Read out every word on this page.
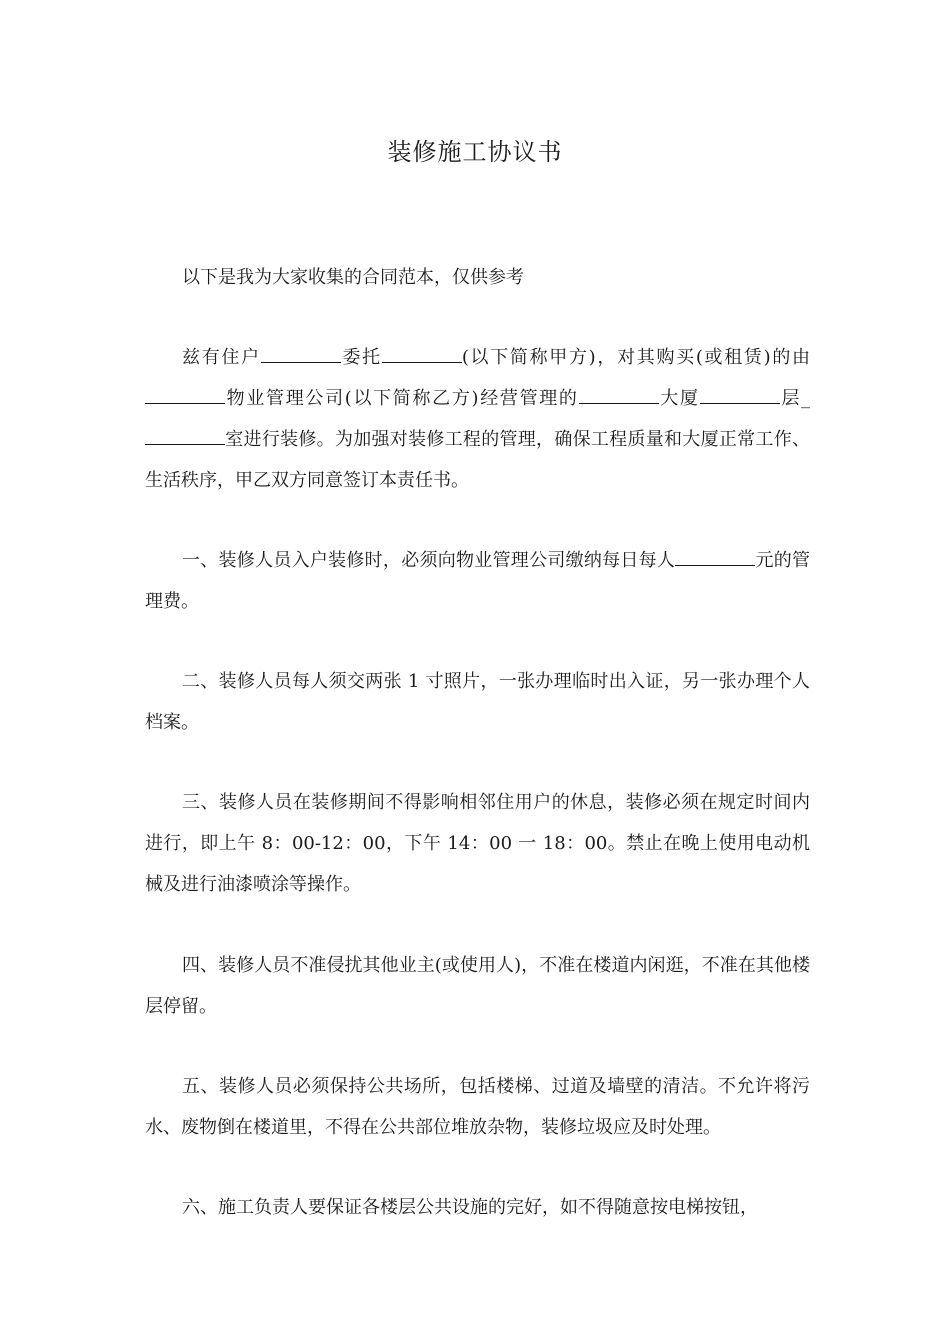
装修施工协议书

以下是我为大家收集的合同范本，仅供参考

兹有住户	委托	(以下简称甲方)，对其购买(或租赁)的由物业管理公司(以下简称乙方)经营管理的	大厦	层_室进行装修。为加强对装修工程的管理，确保工程质量和大厦正常工作、生活秩序，甲乙双方同意签订本责任书。

一、装修人员入户装修时，必须向物业管理公司缴纳每日每人	元的管理费。

二、装修人员每人须交两张 1 寸照片，一张办理临时出入证，另一张办理个人档案。

三、装修人员在装修期间不得影响相邻住用户的休息，装修必须在规定时间内进行，即上午 8：00-12：00，下午 14：00 一 18：00。禁止在晚上使用电动机械及进行油漆喷涂等操作。

四、装修人员不准侵扰其他业主(或使用人)，不准在楼道内闲逛，不准在其他楼层停留。

五、装修人员必须保持公共场所，包括楼梯、过道及墙壁的清洁。不允许将污水、废物倒在楼道里，不得在公共部位堆放杂物，装修垃圾应及时处理。

六、施工负责人要保证各楼层公共设施的完好，如不得随意按电梯按钮，
